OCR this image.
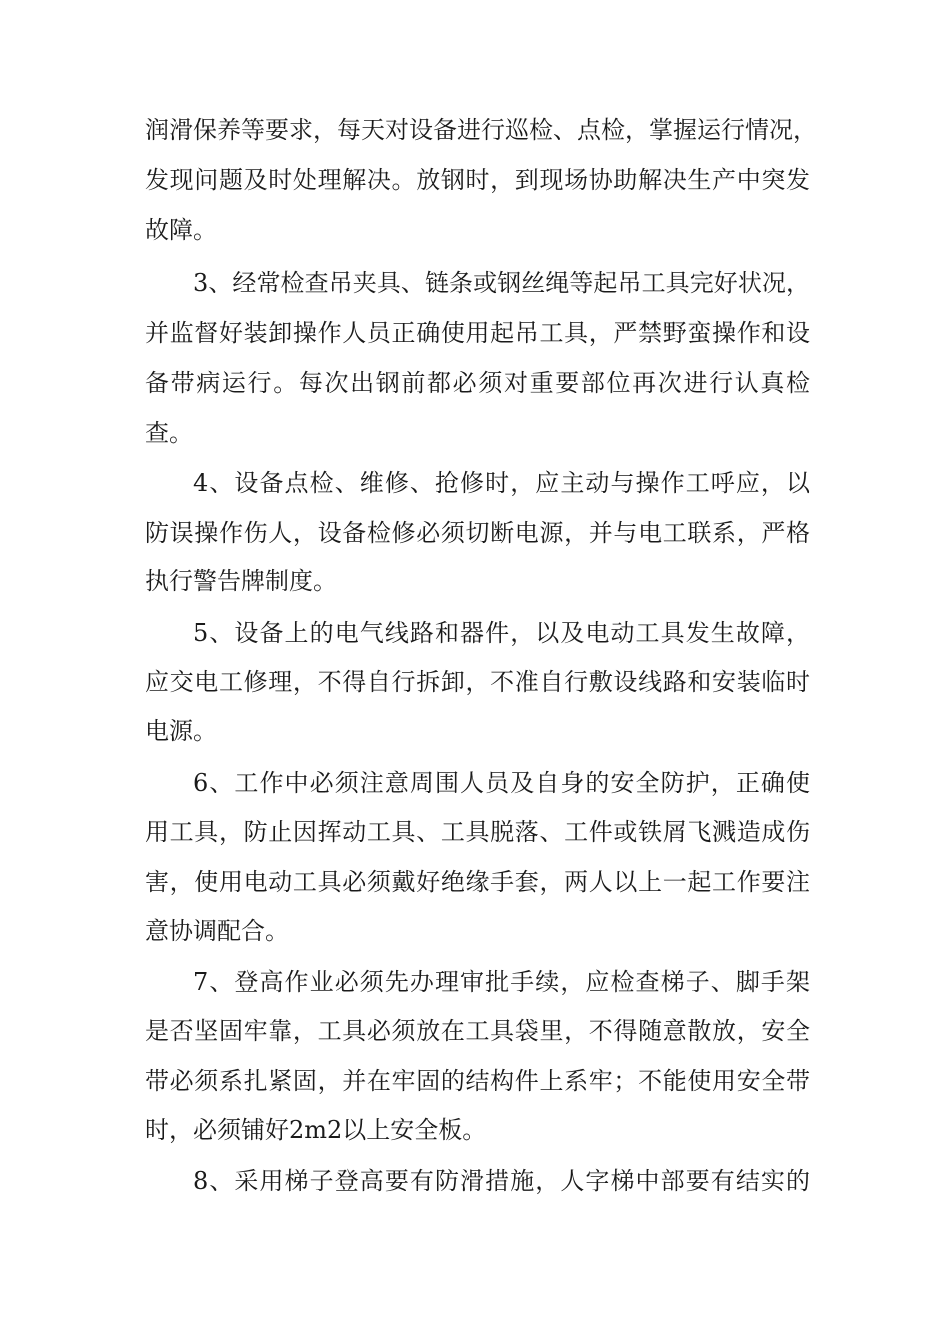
润滑保养等要求，每天对设备进行巡检、点检，掌握运行情况，
发现问题及时处理解决。放钢时，到现场协助解决生产中突发
故障。
3、经常检查吊夹具、链条或钢丝绳等起吊工具完好状况，
并监督好装卸操作人员正确使用起吊工具，严禁野蛮操作和设
备带病运行。每次出钢前都必须对重要部位再次进行认真检
查。
4、设备点检、维修、抢修时，应主动与操作工呼应，以
防误操作伤人，设备检修必须切断电源，并与电工联系，严格
执行警告牌制度。
5、设备上的电气线路和器件，以及电动工具发生故障，
应交电工修理，不得自行拆卸，不准自行敷设线路和安装临时
电源。
6、工作中必须注意周围人员及自身的安全防护，正确使
用工具，防止因挥动工具、工具脱落、工件或铁屑飞溅造成伤
害，使用电动工具必须戴好绝缘手套，两人以上一起工作要注
意协调配合。
7、登高作业必须先办理审批手续，应检查梯子、脚手架
是否坚固牢靠，工具必须放在工具袋里，不得随意散放，安全
带必须系扎紧固，并在牢固的结构件上系牢；不能使用安全带
时，必须铺好2m2以上安全板。
8、采用梯子登高要有防滑措施，人字梯中部要有结实的
